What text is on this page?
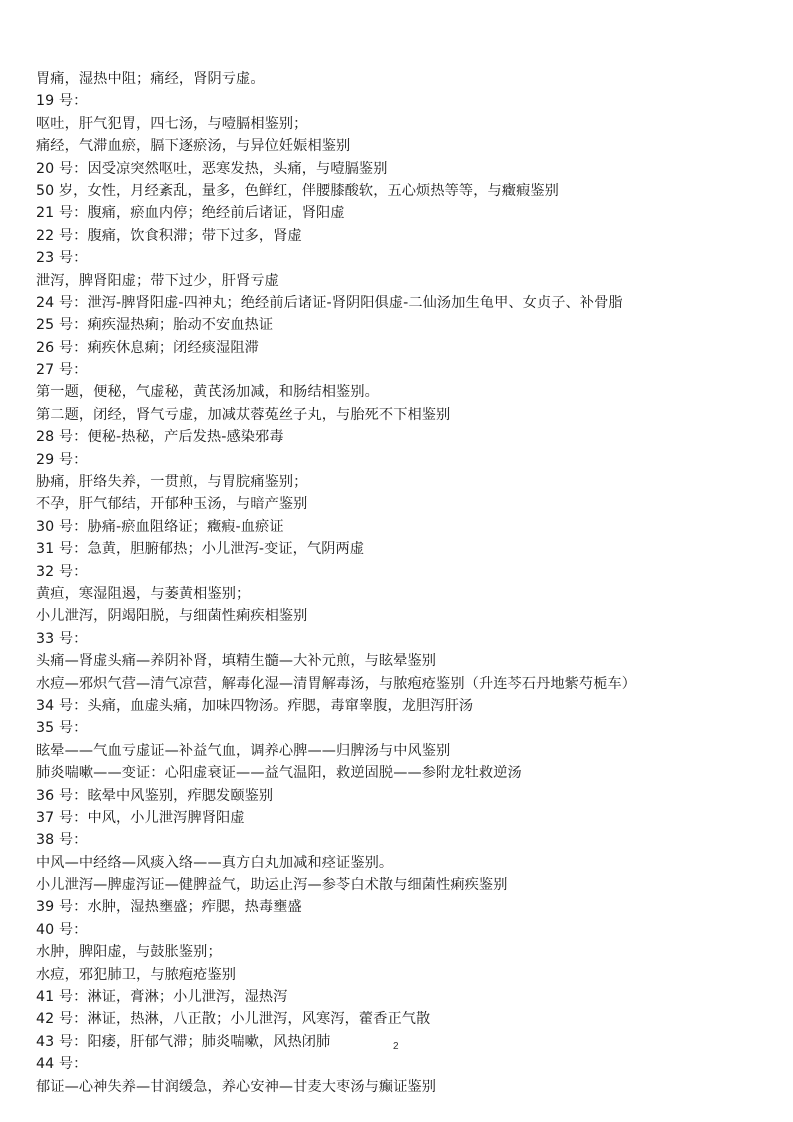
胃痛，湿热中阻；痛经，肾阴亏虚。
19 号：
呕吐，肝气犯胃，四七汤，与噎膈相鉴别；
痛经，气滞血瘀，膈下逐瘀汤，与异位妊娠相鉴别
20 号：因受凉突然呕吐，恶寒发热，头痛，与噎膈鉴别
50 岁，女性，月经紊乱，量多，色鲜红，伴腰膝酸软，五心烦热等等，与癥瘕鉴别
21 号：腹痛，瘀血内停；绝经前后诸证，肾阳虚
22 号：腹痛，饮食积滞；带下过多，肾虚
23 号：
泄泻，脾肾阳虚；带下过少，肝肾亏虚
24 号：泄泻-脾肾阳虚-四神丸；绝经前后诸证-肾阴阳俱虚-二仙汤加生龟甲、女贞子、补骨脂
25 号：痢疾湿热痢；胎动不安血热证
26 号：痢疾休息痢；闭经痰湿阻滞
27 号：
第一题，便秘，气虚秘，黄芪汤加减，和肠结相鉴别。
第二题，闭经，肾气亏虚，加减苁蓉菟丝子丸，与胎死不下相鉴别
28 号：便秘-热秘，产后发热-感染邪毒
29 号：
胁痛，肝络失养，一贯煎，与胃脘痛鉴别；
不孕，肝气郁结，开郁种玉汤，与暗产鉴别
30 号：胁痛-瘀血阻络证；癥瘕-血瘀证
31 号：急黄，胆腑郁热；小儿泄泻-变证，气阴两虚
32 号：
黄疸，寒湿阻遏，与萎黄相鉴别；
小儿泄泻，阴竭阳脱，与细菌性痢疾相鉴别
33 号：
头痛—肾虚头痛—养阴补肾，填精生髓—大补元煎，与眩晕鉴别
水痘—邪炽气营—清气凉营，解毒化湿—清胃解毒汤，与脓疱疮鉴别（升连芩石丹地紫芍栀车）
34 号：头痛，血虚头痛，加味四物汤。痄腮，毒窜睾腹，龙胆泻肝汤
35 号：
眩晕——气血亏虚证—补益气血，调养心脾——归脾汤与中风鉴别
肺炎喘嗽——变证：心阳虚衰证——益气温阳，救逆固脱——参附龙牡救逆汤
36 号：眩晕中风鉴别，痄腮发颐鉴别
37 号：中风，小儿泄泻脾肾阳虚
38 号：
中风—中经络—风痰入络——真方白丸加减和痉证鉴别。
小儿泄泻—脾虚泻证—健脾益气，助运止泻—参苓白术散与细菌性痢疾鉴别
39 号：水肿，湿热壅盛；痄腮，热毒壅盛
40 号：
水肿，脾阳虚，与鼓胀鉴别；
水痘，邪犯肺卫，与脓疱疮鉴别
41 号：淋证，膏淋；小儿泄泻，湿热泻
42 号：淋证，热淋，八正散；小儿泄泻，风寒泻，藿香正气散
43 号：阳痿，肝郁气滞；肺炎喘嗽，风热闭肺
44 号：
郁证—心神失养—甘润缓急，养心安神—甘麦大枣汤与癫证鉴别
2
